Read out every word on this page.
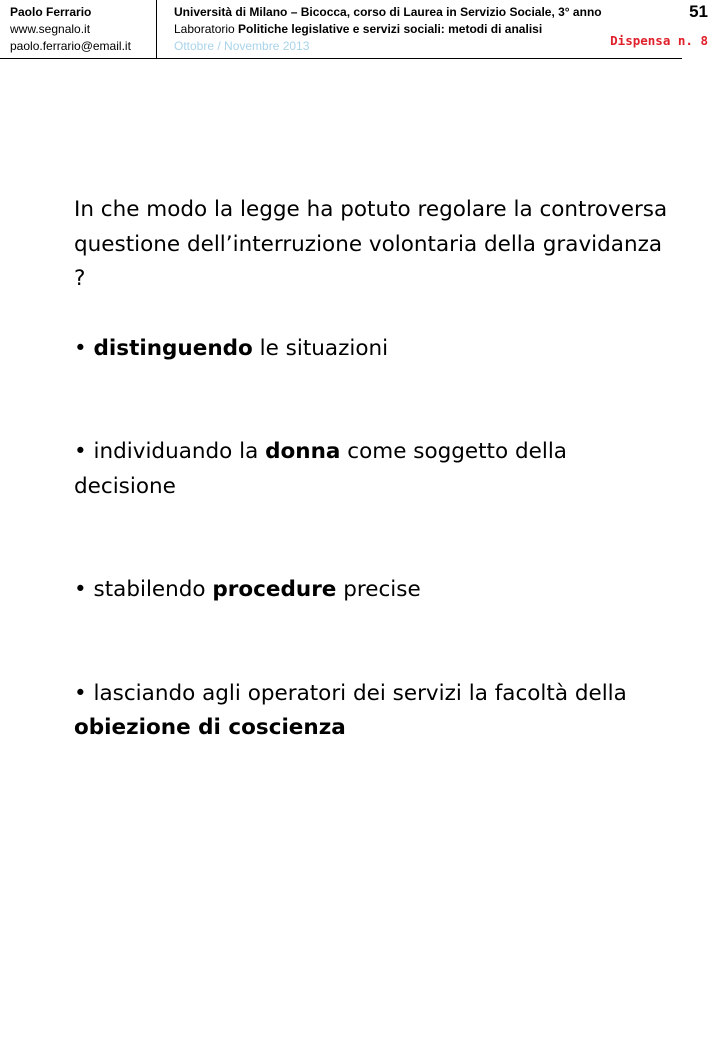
Paolo Ferrario
www.segnalo.it
paolo.ferrario@email.it
Università di Milano – Bicocca, corso di Laurea in Servizio Sociale, 3° anno
Laboratorio Politiche legislative e servizi sociali: metodi di analisi
Ottobre / Novembre 2013
51
Dispensa n. 8

In che modo la legge ha potuto regolare la controversa questione dell’interruzione volontaria della gravidanza ?

• distinguendo le situazioni

• individuando la donna come soggetto della decisione

• stabilendo procedure precise

• lasciando agli operatori dei servizi la facoltà della obiezione di coscienza
